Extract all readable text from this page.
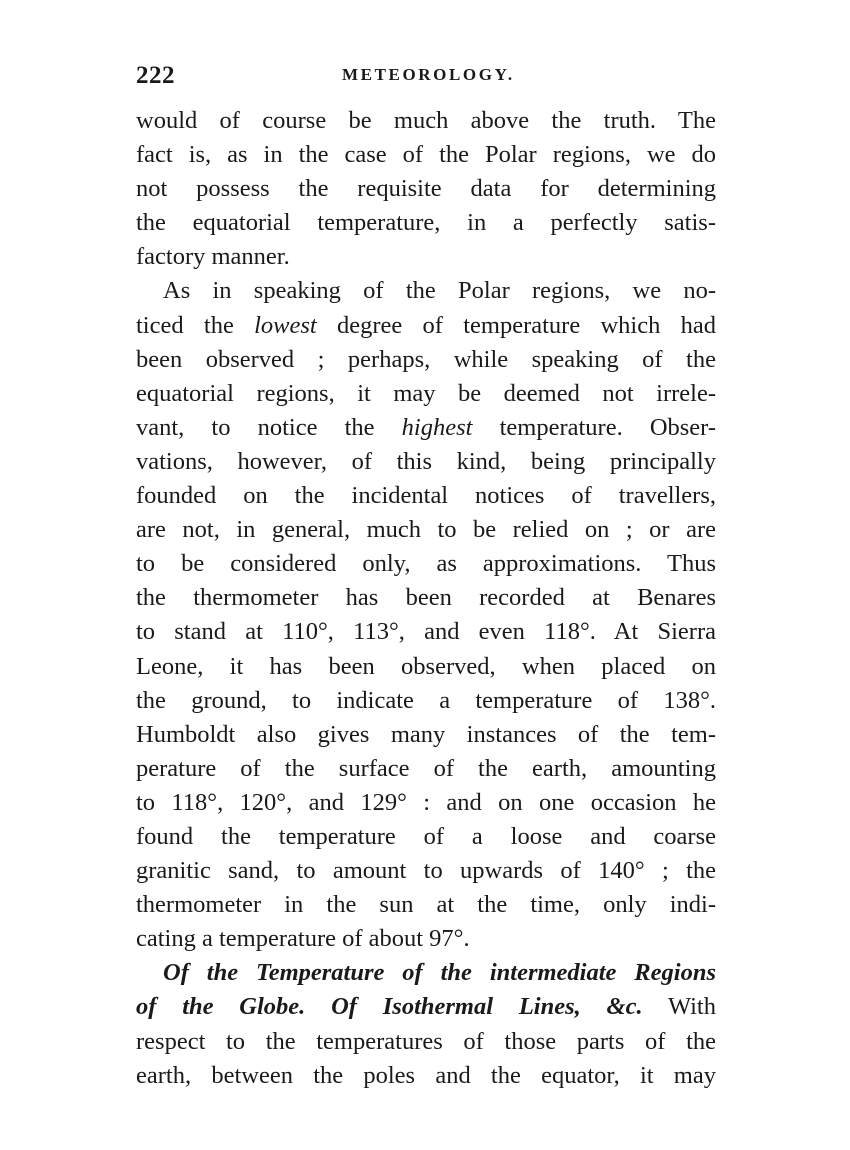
222	METEOROLOGY.
would of course be much above the truth. The
fact is, as in the case of the Polar regions, we do
not possess the requisite data for determining
the equatorial temperature, in a perfectly satis-
factory manner.
As in speaking of the Polar regions, we no-
ticed the lowest degree of temperature which had
been observed ; perhaps, while speaking of the
equatorial regions, it may be deemed not irrele-
vant, to notice the highest temperature. Obser-
vations, however, of this kind, being principally
founded on the incidental notices of travellers,
are not, in general, much to be relied on ; or are
to be considered only, as approximations. Thus
the thermometer has been recorded at Benares
to stand at 110°, 113°, and even 118°. At Sierra
Leone, it has been observed, when placed on
the ground, to indicate a temperature of 138°.
Humboldt also gives many instances of the tem-
perature of the surface of the earth, amounting
to 118°, 120°, and 129° : and on one occasion he
found the temperature of a loose and coarse
granitic sand, to amount to upwards of 140° ; the
thermometer in the sun at the time, only indi-
cating a temperature of about 97°.
Of the Temperature of the intermediate Regions
of the Globe. Of Isothermal Lines, &c. With
respect to the temperatures of those parts of the
earth, between the poles and the equator, it may
